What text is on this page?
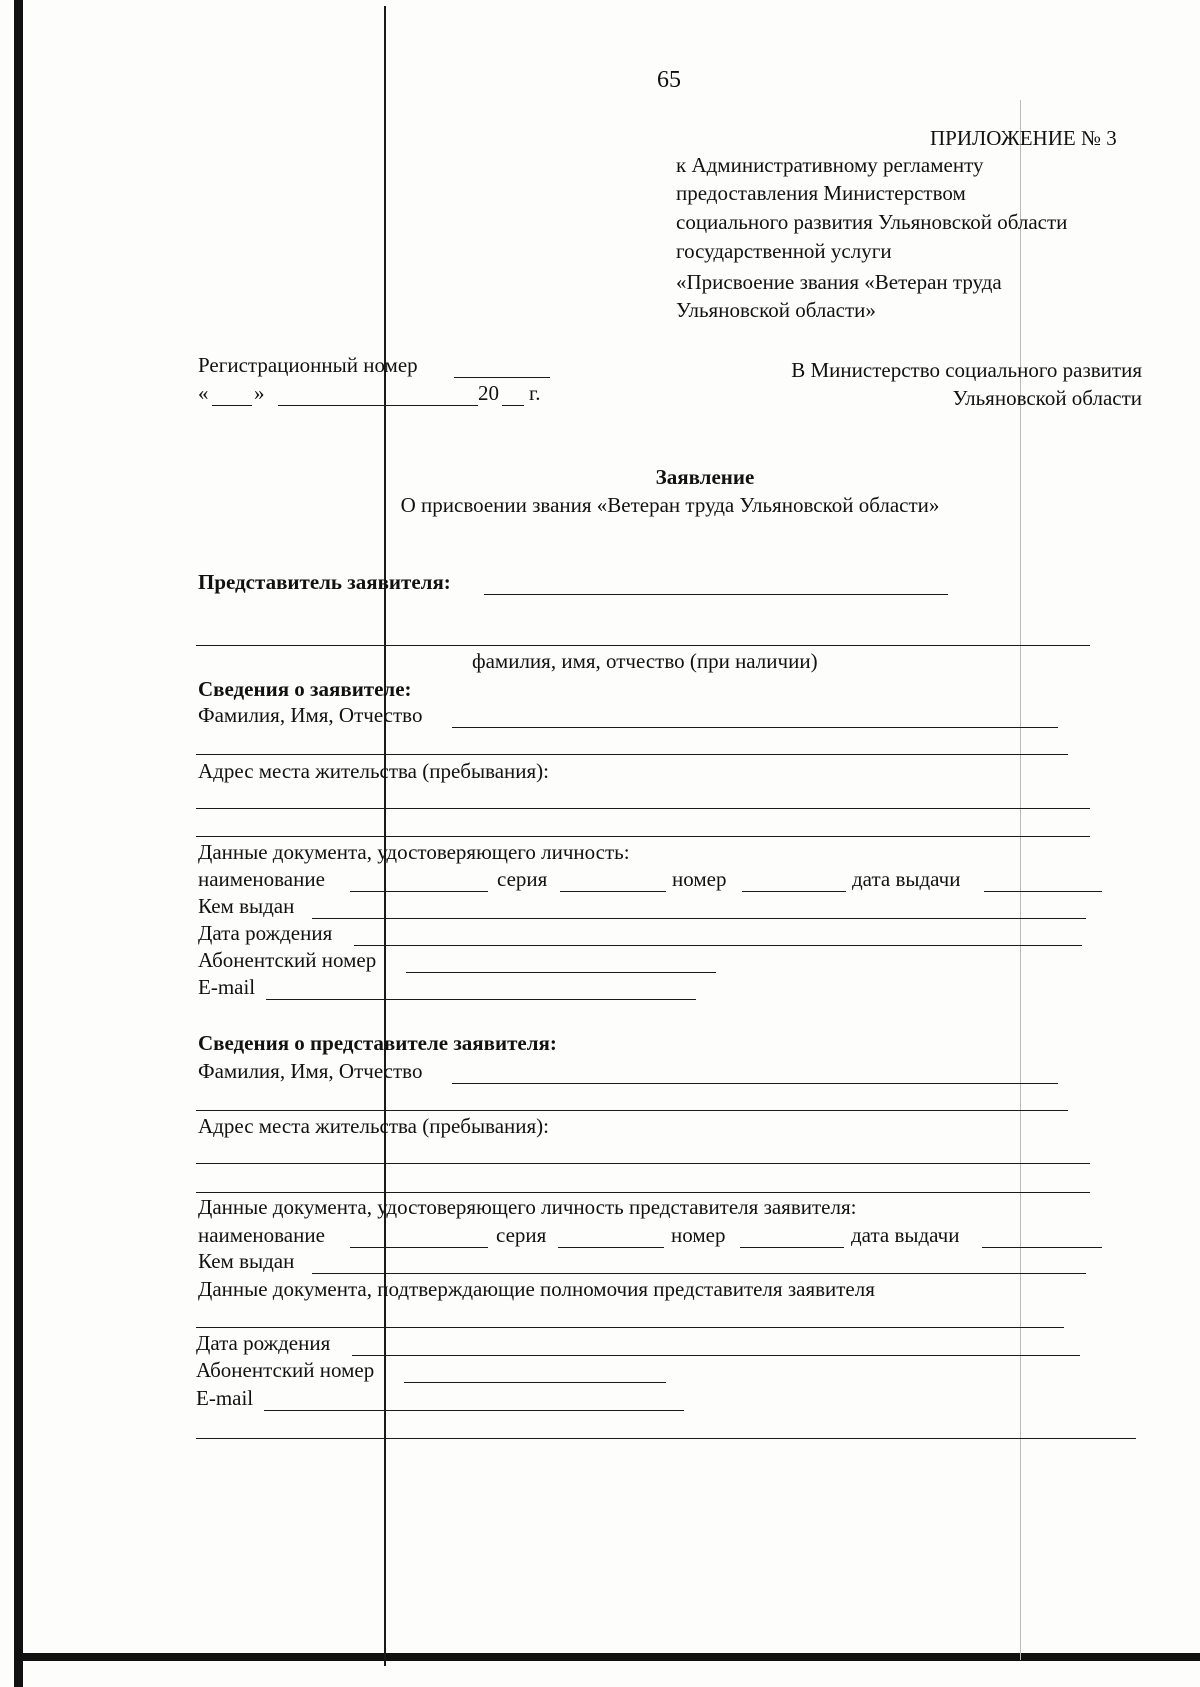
65
ПРИЛОЖЕНИЕ № 3
к Административному регламенту
предоставления Министерством
социального развития Ульяновской области
государственной услуги
«Присвоение звания «Ветеран труда
Ульяновской области»
Регистрационный номер
« »	20 г.
В Министерство социального развития
Ульяновской области
Заявление
О присвоении звания «Ветеран труда Ульяновской области»
Представитель заявителя:
фамилия, имя, отчество (при наличии)
Сведения о заявителе:
Фамилия, Имя, Отчество
Адрес места жительства (пребывания):
Данные документа, удостоверяющего личность:
наименование	серия	номер	дата выдачи
Кем выдан
Дата рождения
Абонентский номер
E-mail
Сведения о представителе заявителя:
Фамилия, Имя, Отчество
Адрес места жительства (пребывания):
Данные документа, удостоверяющего личность представителя заявителя:
наименование	серия	номер	дата выдачи
Кем выдан
Данные документа, подтверждающие полномочия представителя заявителя
Дата рождения
Абонентский номер
E-mail
